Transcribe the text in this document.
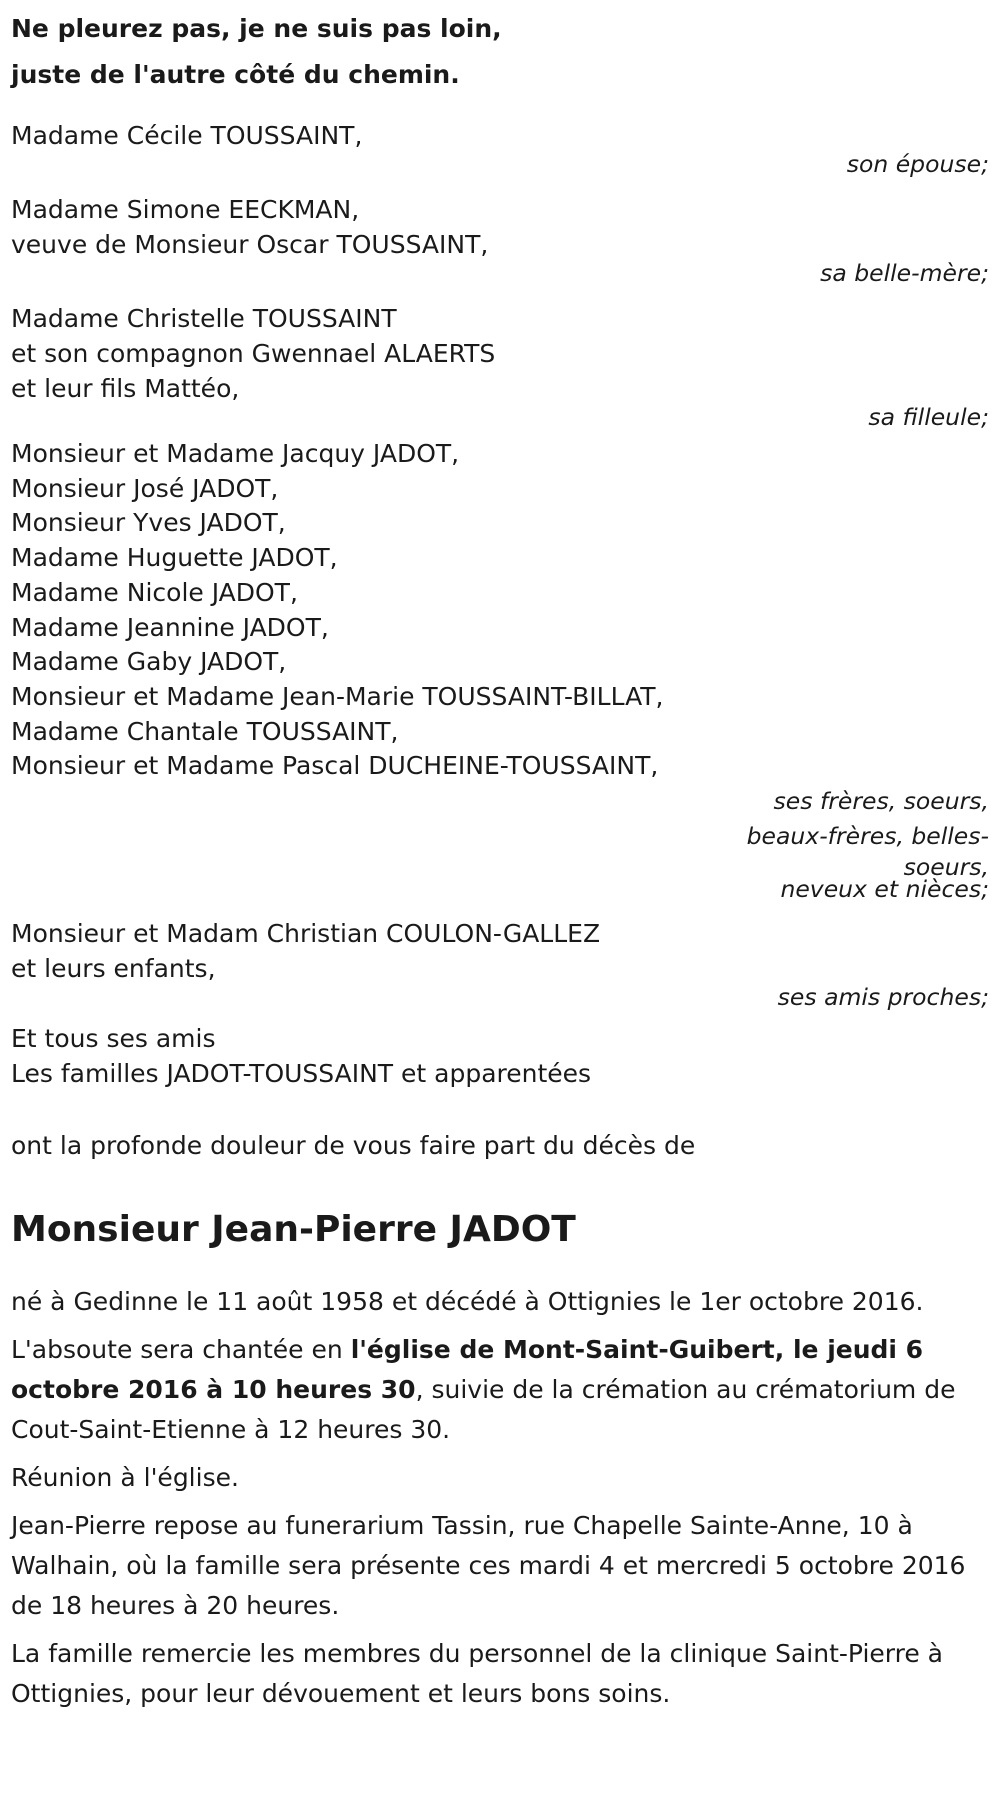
Ne pleurez pas, je ne suis pas loin,
juste de l'autre côté du chemin.
Madame Cécile TOUSSAINT,
son épouse;
Madame Simone EECKMAN,
veuve de Monsieur Oscar TOUSSAINT,
sa belle-mère;
Madame Christelle TOUSSAINT
et son compagnon Gwennael ALAERTS
et leur fils Mattéo,
sa filleule;
Monsieur et Madame Jacquy JADOT,
Monsieur José JADOT,
Monsieur Yves JADOT,
Madame Huguette JADOT,
Madame Nicole JADOT,
Madame Jeannine JADOT,
Madame Gaby JADOT,
Monsieur et Madame Jean-Marie TOUSSAINT-BILLAT,
Madame Chantale TOUSSAINT,
Monsieur et Madame Pascal DUCHEINE-TOUSSAINT,
ses frères, soeurs,
beaux-frères, belles-
soeurs,
neveux et nièces;
Monsieur et Madam Christian COULON-GALLEZ
et leurs enfants,
ses amis proches;
Et tous ses amis
Les familles JADOT-TOUSSAINT et apparentées
ont la profonde douleur de vous faire part du décès de
Monsieur Jean-Pierre JADOT
né à Gedinne le 11 août 1958 et décédé à Ottignies le 1er octobre 2016.
L'absoute sera chantée en l'église de Mont-Saint-Guibert, le jeudi 6 octobre 2016 à 10 heures 30, suivie de la crémation au crématorium de Cout-Saint-Etienne à 12 heures 30.
Réunion à l'église.
Jean-Pierre repose au funerarium Tassin, rue Chapelle Sainte-Anne, 10 à Walhain, où la famille sera présente ces mardi 4 et mercredi 5 octobre 2016 de 18 heures à 20 heures.
La famille remercie les membres du personnel de la clinique Saint-Pierre à Ottignies, pour leur dévouement et leurs bons soins.
